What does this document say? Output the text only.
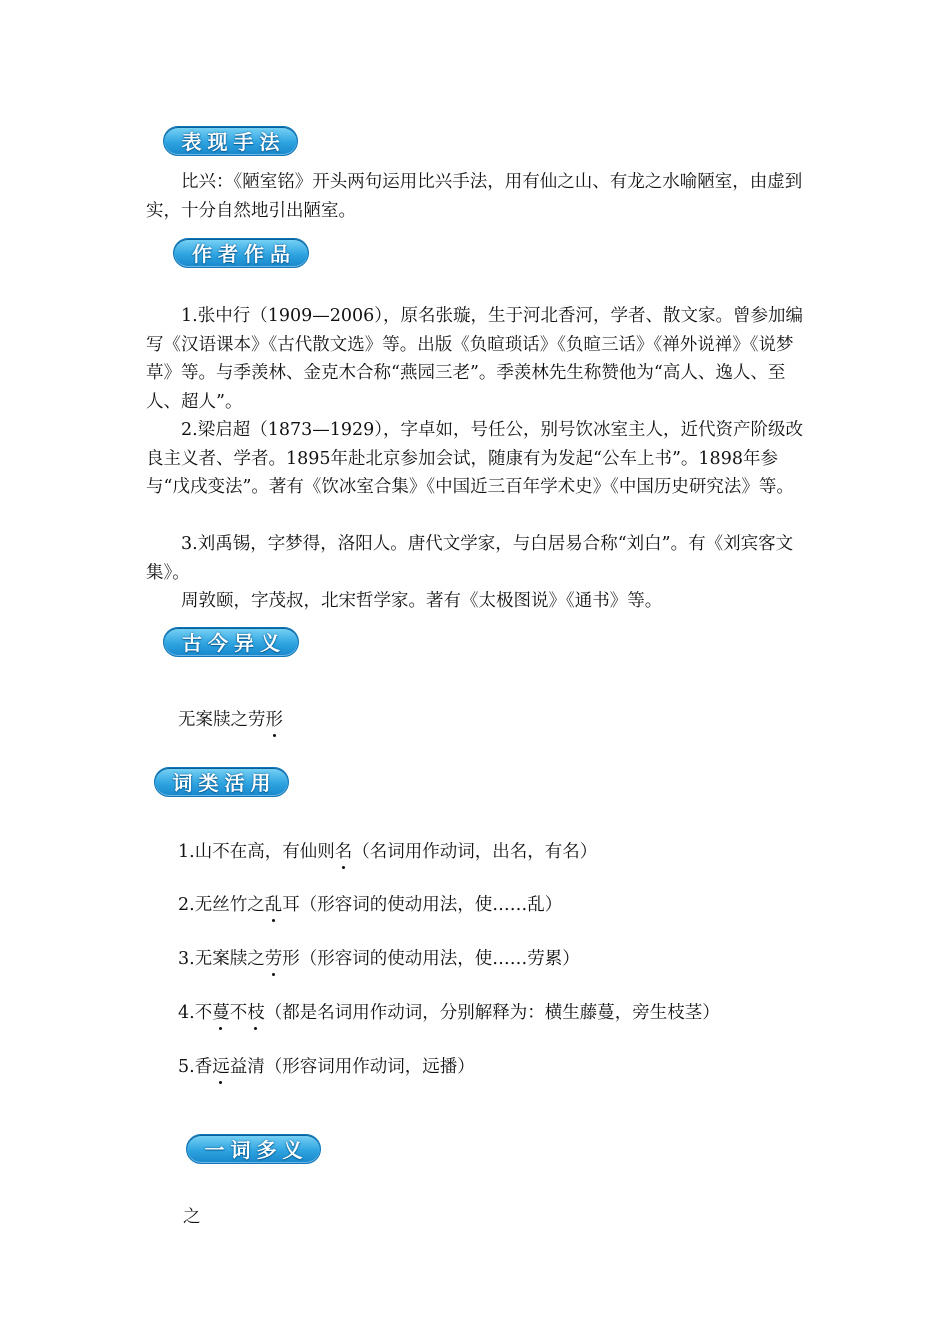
表现手法

比兴：《陋室铭》开头两句运用比兴手法，用有仙之山、有龙之水喻陋室，由虚到实，十分自然地引出陋室。

作者作品

1.张中行（1909—2006），原名张璇，生于河北香河，学者、散文家。曾参加编写《汉语课本》《古代散文选》等。出版《负暄琐话》《负暄三话》《禅外说禅》《说梦草》等。与季羡林、金克木合称“燕园三老”。季羡林先生称赞他为“高人、逸人、至人、超人”。

2.梁启超（1873—1929），字卓如，号任公，别号饮冰室主人，近代资产阶级改良主义者、学者。1895年赴北京参加会试，随康有为发起“公车上书”。1898年参与“戊戌变法”。著有《饮冰室合集》《中国近三百年学术史》《中国历史研究法》等。

3.刘禹锡，字梦得，洛阳人。唐代文学家，与白居易合称“刘白”。有《刘宾客文集》。

周敦颐，字茂叔，北宋哲学家。著有《太极图说》《通书》等。

古今异义

无案牍之劳形

词类活用

1.山不在高，有仙则名（名词用作动词，出名，有名）

2.无丝竹之乱耳（形容词的使动用法，使……乱）

3.无案牍之劳形（形容词的使动用法，使……劳累）

4.不蔓不枝（都是名词用作动词，分别解释为：横生藤蔓，旁生枝茎）

5.香远益清（形容词用作动词，远播）

一词多义

之
